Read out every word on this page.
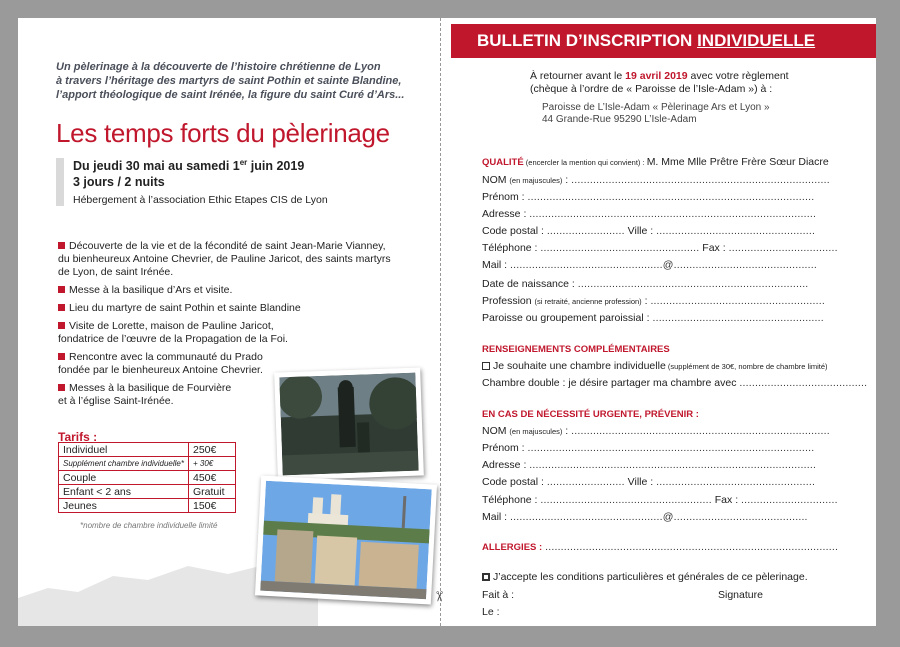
Un pèlerinage à la découverte de l’histoire chrétienne de Lyon
à travers l’héritage des martyrs de saint Pothin et sainte Blandine,
l’apport théologique de saint Irénée, la figure du saint Curé d’Ars...
Les temps forts du pèlerinage
Du jeudi 30 mai au samedi 1er juin 2019
3 jours / 2 nuits
Hébergement à l’association Ethic Etapes CIS de Lyon
Découverte de la vie et de la fécondité de saint Jean-Marie Vianney,
du bienheureux Antoine Chevrier, de Pauline Jaricot, des saints martyrs
de Lyon, de saint Irénée.
Messe à la basilique d’Ars et visite.
Lieu du martyre de saint Pothin et sainte Blandine
Visite de Lorette, maison de Pauline Jaricot,
fondatrice de l’œuvre de la Propagation de la Foi.
Rencontre avec la communauté du Prado
fondée par le bienheureux Antoine Chevrier.
Messes à la basilique de Fourvière
et à l’église Saint-Irénée.
Tarifs :
Individuel	250€
Supplément chambre individuelle*	+ 30€
Couple	450€
Enfant < 2 ans	Gratuit
Jeunes	150€
*nombre de chambre individuelle limité
✂
BULLETIN D’INSCRIPTION INDIVIDUELLE
À retourner avant le 19 avril 2019 avec votre règlement
(chèque à l’ordre de « Paroisse de l’Isle-Adam ») à :
Paroisse de L’Isle-Adam « Pèlerinage Ars et Lyon »
44 Grande-Rue 95290 L’Isle-Adam
QUALITÉ (encercler la mention qui convient) : M. Mme Mlle Prêtre Frère Sœur Diacre
NOM (en majuscules) : ...................................................................................
Prénom : ............................................................................................
Adresse : ............................................................................................
Code postal : ......................... Ville : ...................................................
Téléphone : ................................................... Fax : ...................................
Mail : .................................................@..............................................
Date de naissance : ..........................................................................
Profession (si retraité, ancienne profession) : ........................................................
Paroisse ou groupement paroissial : .......................................................
RENSEIGNEMENTS COMPLÉMENTAIRES
Je souhaite une chambre individuelle (supplément de 30€, nombre de chambre limité)
Chambre double : je désire partager ma chambre avec .........................................
EN CAS DE NÉCESSITÉ URGENTE, PRÉVENIR :
NOM (en majuscules) : ...................................................................................
Prénom : ............................................................................................
Adresse : ............................................................................................
Code postal : ......................... Ville : ...................................................
Téléphone : ....................................................... Fax : ...............................
Mail : .................................................@...........................................
ALLERGIES : ..............................................................................................
J’accepte les conditions particulières et générales de ce pèlerinage.
Fait à :	Signature
Le :
